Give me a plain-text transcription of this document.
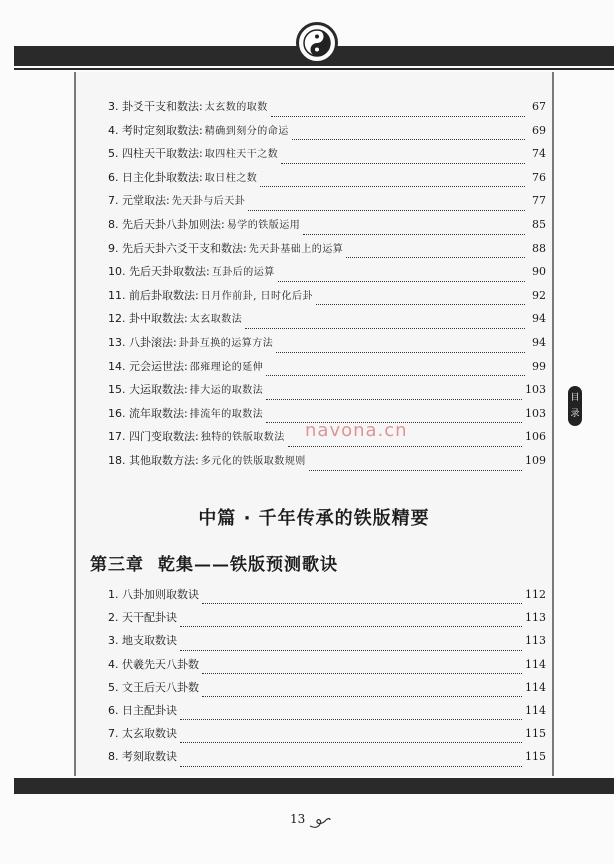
3. 卦爻干支和数法: 太玄数的取数	67
4. 考时定刻取数法: 精确到刻分的命运	69
5. 四柱天干取数法: 取四柱天干之数	74
6. 日主化卦取数法: 取日柱之数	76
7. 元堂取法: 先天卦与后天卦	77
8. 先后天卦八卦加则法: 易学的铁版运用	85
9. 先后天卦六爻干支和数法: 先天卦基础上的运算	88
10. 先后天卦取数法: 互卦后的运算	90
11. 前后卦取数法: 日月作前卦, 日时化后卦	92
12. 卦中取数法: 太玄取数法	94
13. 八卦滚法: 卦卦互换的运算方法	94
14. 元会运世法: 邵雍理论的延伸	99
15. 大运取数法: 排大运的取数法	103
16. 流年取数法: 排流年的取数法	103
17. 四门变取数法: 独特的铁版取数法	106
18. 其他取数方法: 多元化的铁版取数规则	109
中篇 · 千年传承的铁版精要
第三章 乾集——铁版预测歌诀
1. 八卦加则取数诀	112
2. 天干配卦诀	113
3. 地支取数诀	113
4. 伏羲先天八卦数	114
5. 文王后天八卦数	114
6. 日主配卦诀	114
7. 太玄取数诀	115
8. 考刻取数诀	115
navona.cn
目录
13
